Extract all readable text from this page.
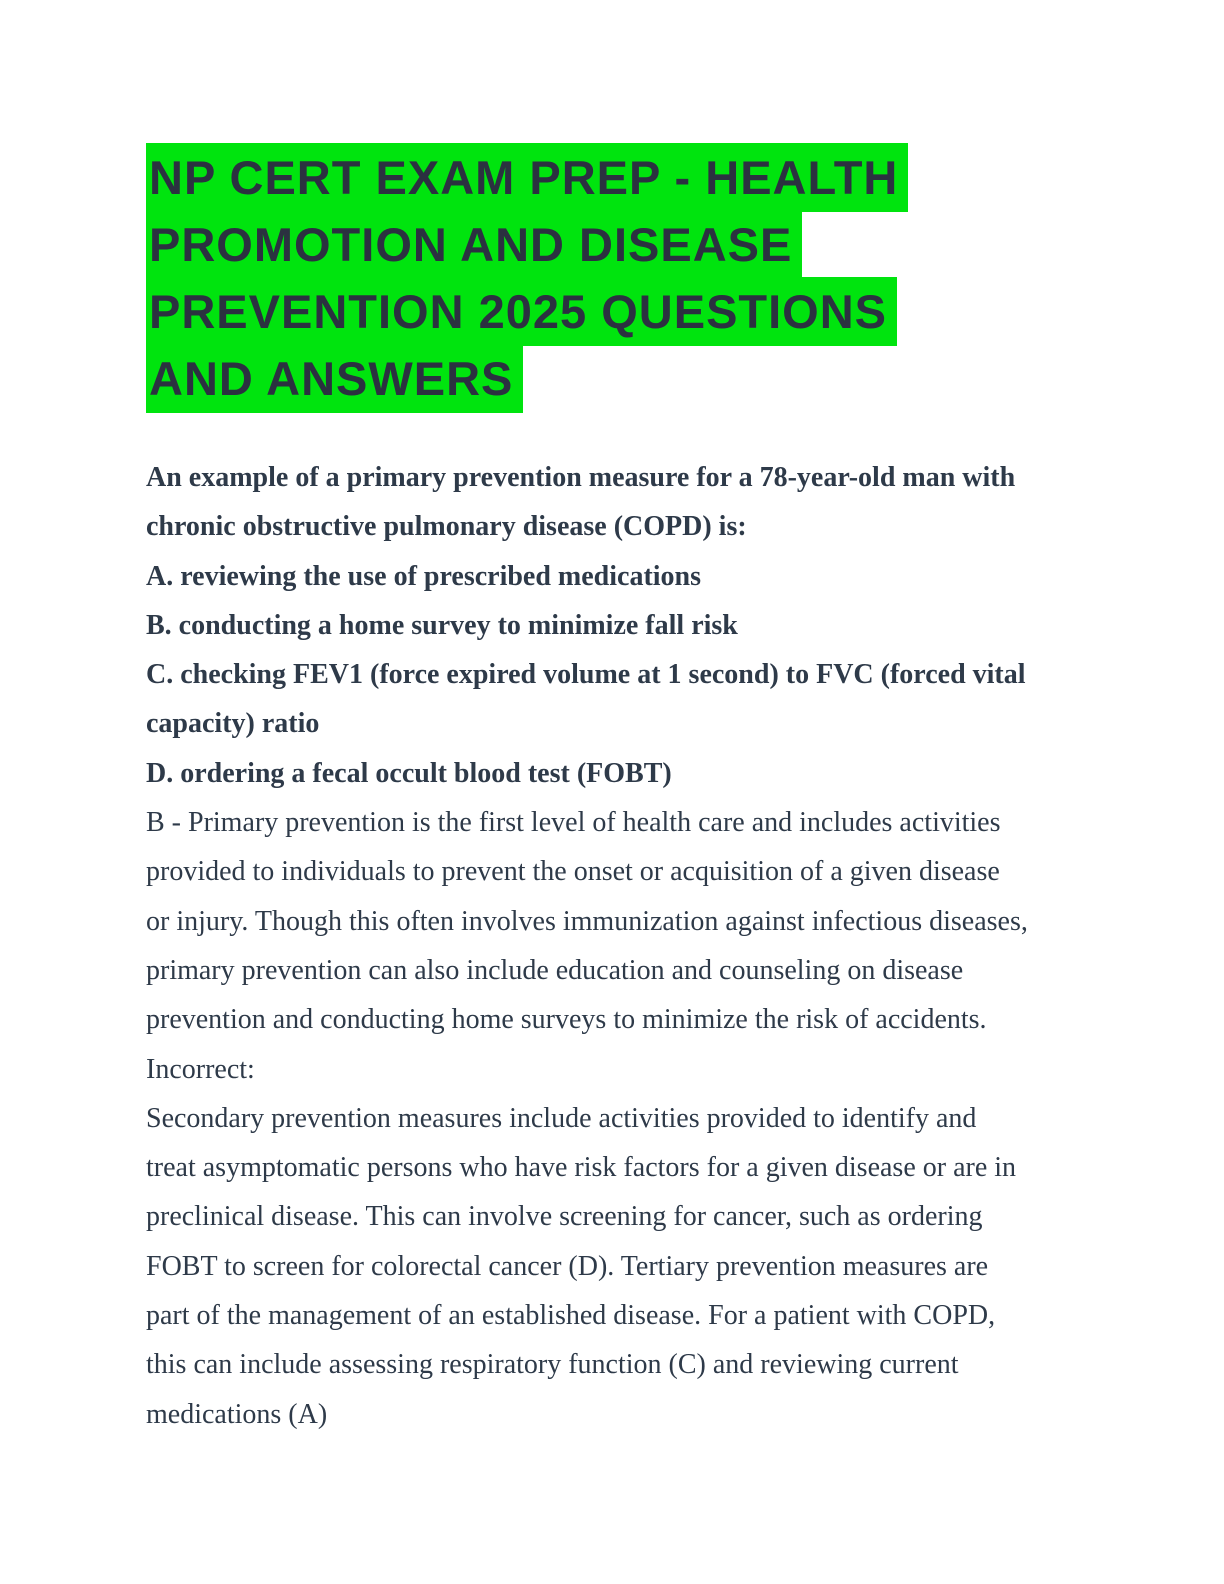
NP CERT EXAM PREP - HEALTH
PROMOTION AND DISEASE
PREVENTION 2025 QUESTIONS
AND ANSWERS

An example of a primary prevention measure for a 78-year-old man with
chronic obstructive pulmonary disease (COPD) is:

A. reviewing the use of prescribed medications

B. conducting a home survey to minimize fall risk

C. checking FEV1 (force expired volume at 1 second) to FVC (forced vital
capacity) ratio

D. ordering a fecal occult blood test (FOBT)

B - Primary prevention is the first level of health care and includes activities
provided to individuals to prevent the onset or acquisition of a given disease
or injury. Though this often involves immunization against infectious diseases,
primary prevention can also include education and counseling on disease
prevention and conducting home surveys to minimize the risk of accidents.

Incorrect:

Secondary prevention measures include activities provided to identify and
treat asymptomatic persons who have risk factors for a given disease or are in
preclinical disease. This can involve screening for cancer, such as ordering
FOBT to screen for colorectal cancer (D). Tertiary prevention measures are
part of the management of an established disease. For a patient with COPD,
this can include assessing respiratory function (C) and reviewing current
medications (A)
